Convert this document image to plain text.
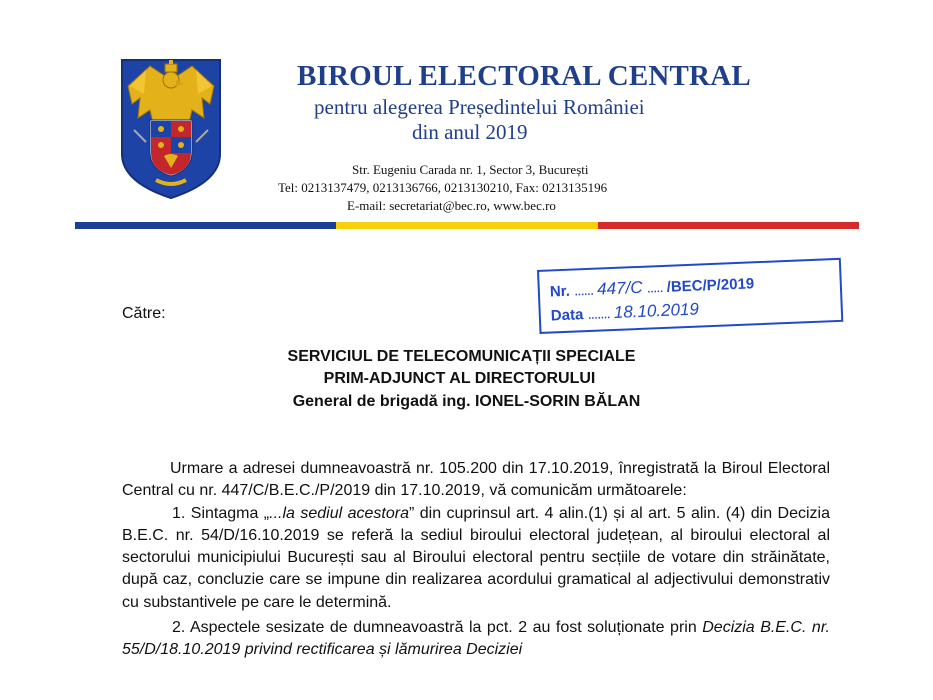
BIROUL ELECTORAL CENTRAL
pentru alegerea Președintelui României
din anul 2019
Str. Eugeniu Carada nr. 1, Sector 3, București
Tel: 0213137479, 0213136766, 0213130210, Fax: 0213135196
E-mail: secretariat@bec.ro, www.bec.ro
Către:
Nr. ...... 447/C ..... /BEC/P/2019
Data ....... 18.10.2019
SERVICIUL DE TELECOMUNICAȚII SPECIALE
PRIM-ADJUNCT AL DIRECTORULUI
General de brigadă ing. IONEL-SORIN BĂLAN

Urmare a adresei dumneavoastră nr. 105.200 din 17.10.2019, înregistrată la Biroul Electoral Central cu nr. 447/C/B.E.C./P/2019 din 17.10.2019, vă comunicăm următoarele:

1. Sintagma „...la sediul acestora” din cuprinsul art. 4 alin.(1) și al art. 5 alin. (4) din Decizia B.E.C. nr. 54/D/16.10.2019 se referă la sediul biroului electoral județean, al biroului electoral al sectorului municipiului București sau al Biroului electoral pentru secțiile de votare din străinătate, după caz, concluzie care se impune din realizarea acordului gramatical al adjectivului demonstrativ cu substantivele pe care le determină.

2. Aspectele sesizate de dumneavoastră la pct. 2 au fost soluționate prin Decizia B.E.C. nr. 55/D/18.10.2019 privind rectificarea și lămurirea Deciziei
